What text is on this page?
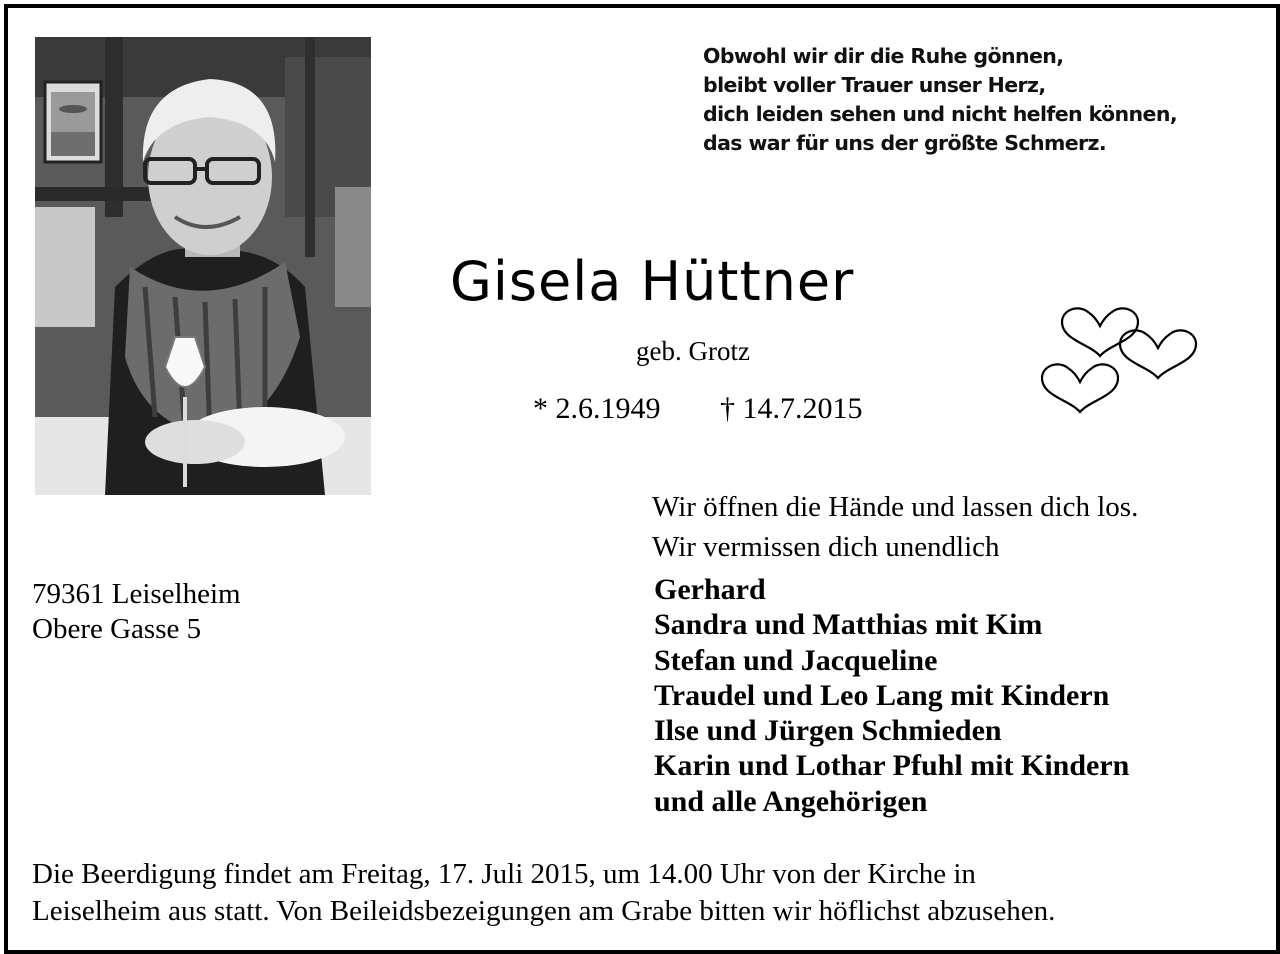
Obwohl wir dir die Ruhe gönnen,
bleibt voller Trauer unser Herz,
dich leiden sehen und nicht helfen können,
das war für uns der größte Schmerz.
Gisela Hüttner
geb. Grotz
* 2.6.1949 † 14.7.2015
Wir öffnen die Hände und lassen dich los.
Wir vermissen dich unendlich
Gerhard
Sandra und Matthias mit Kim
Stefan und Jacqueline
Traudel und Leo Lang mit Kindern
Ilse und Jürgen Schmieden
Karin und Lothar Pfuhl mit Kindern
und alle Angehörigen
79361 Leiselheim
Obere Gasse 5
Die Beerdigung findet am Freitag, 17. Juli 2015, um 14.00 Uhr von der Kirche in
Leiselheim aus statt. Von Beileidsbezeigungen am Grabe bitten wir höflichst abzusehen.
